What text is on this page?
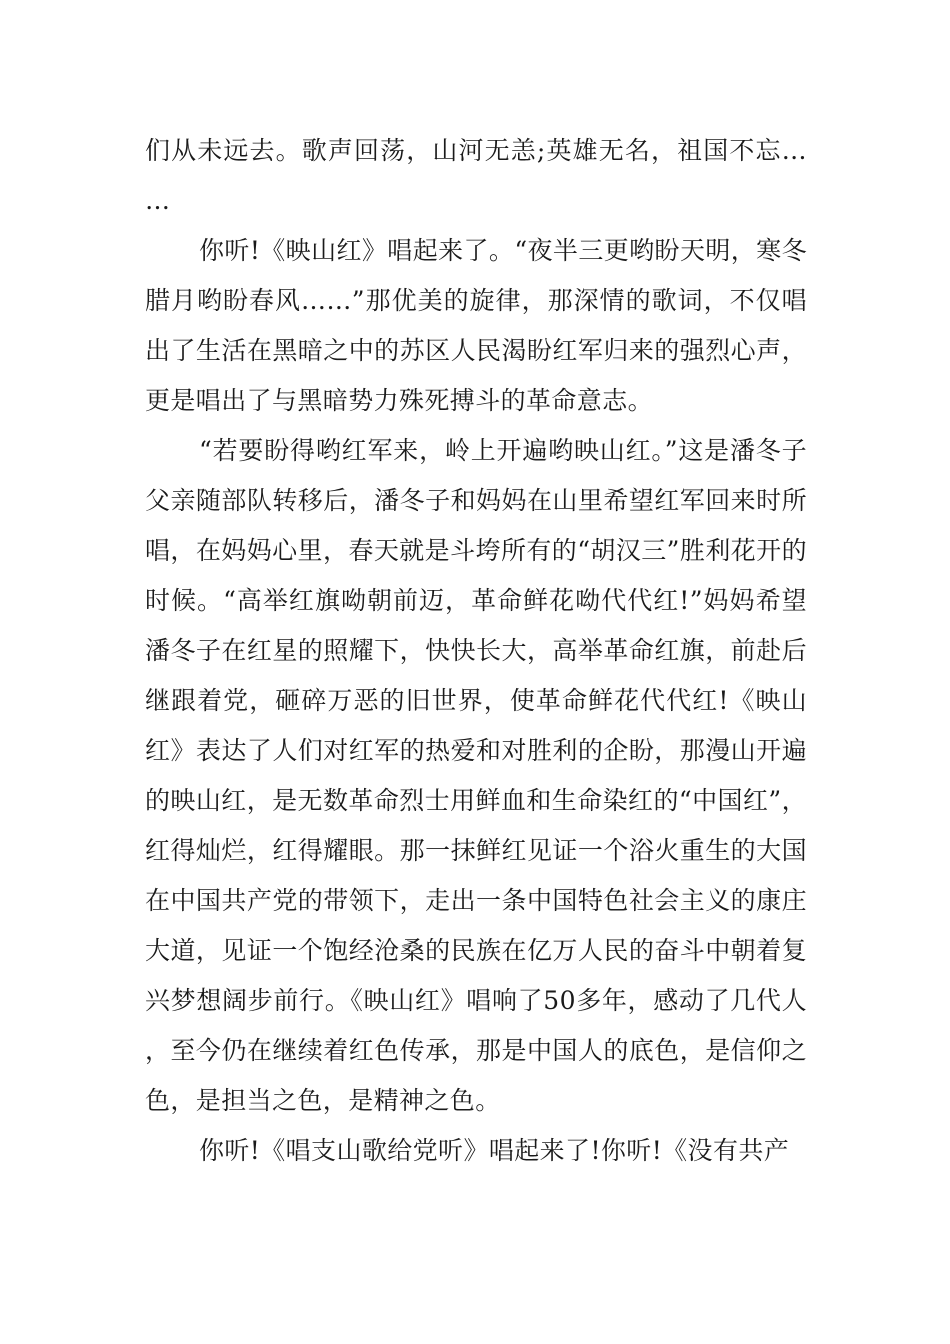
们从未远去。歌声回荡，山河无恙;英雄无名，祖国不忘……

你听!《映山红》唱起来了。“夜半三更哟盼天明，寒冬腊月哟盼春风……”那优美的旋律，那深情的歌词，不仅唱出了生活在黑暗之中的苏区人民渴盼红军归来的强烈心声，更是唱出了与黑暗势力殊死搏斗的革命意志。

“若要盼得哟红军来，岭上开遍哟映山红。”这是潘冬子父亲随部队转移后，潘冬子和妈妈在山里希望红军回来时所唱，在妈妈心里，春天就是斗垮所有的“胡汉三”胜利花开的时候。“高举红旗呦朝前迈，革命鲜花呦代代红!”妈妈希望潘冬子在红星的照耀下，快快长大，高举革命红旗，前赴后继跟着党，砸碎万恶的旧世界，使革命鲜花代代红!《映山红》表达了人们对红军的热爱和对胜利的企盼，那漫山开遍的映山红，是无数革命烈士用鲜血和生命染红的“中国红”，红得灿烂，红得耀眼。那一抹鲜红见证一个浴火重生的大国在中国共产党的带领下，走出一条中国特色社会主义的康庄大道，见证一个饱经沧桑的民族在亿万人民的奋斗中朝着复兴梦想阔步前行。《映山红》唱响了50多年，感动了几代人，至今仍在继续着红色传承，那是中国人的底色，是信仰之色，是担当之色，是精神之色。

你听!《唱支山歌给党听》唱起来了!你听!《没有共产
